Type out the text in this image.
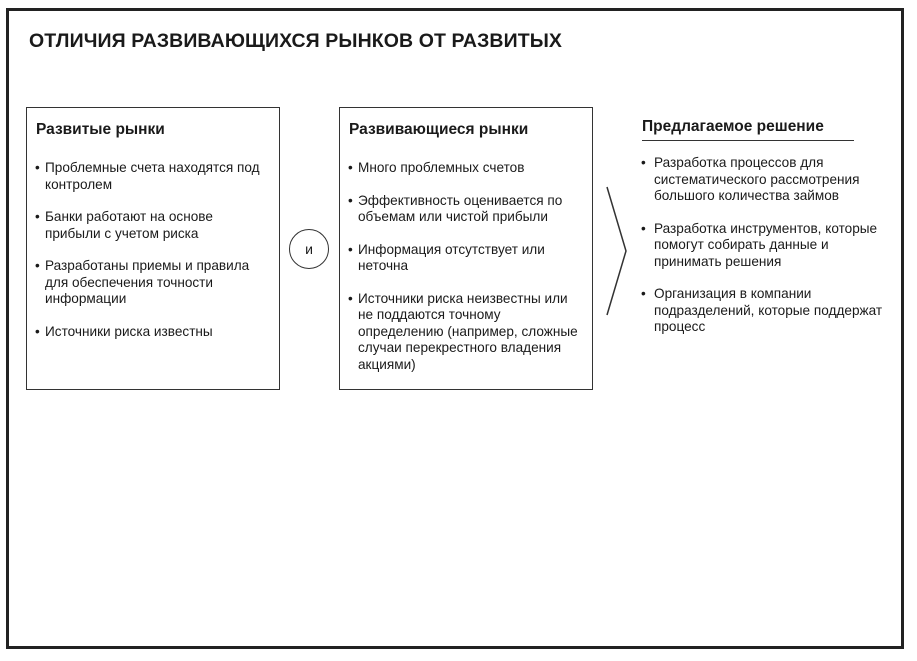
ОТЛИЧИЯ РАЗВИВАЮЩИХСЯ РЫНКОВ ОТ РАЗВИТЫХ
Развитые рынки
• Проблемные счета находятся под контролем
• Банки работают на основе прибыли с учетом риска
• Разработаны приемы и правила для обеспечения точности информации
• Источники риска известны
и
Развивающиеся рынки
• Много проблемных счетов
• Эффективность оценивается по объемам или чистой прибыли
• Информация отсутствует или неточна
• Источники риска неизвестны или не поддаются точному определению (например, сложные случаи перекрестного владения акциями)
Предлагаемое решение
• Разработка процессов для систематического рассмотрения большого количества займов
• Разработка инструментов, которые помогут собирать данные и принимать решения
• Организация в компании подразделений, которые поддержат процесс
